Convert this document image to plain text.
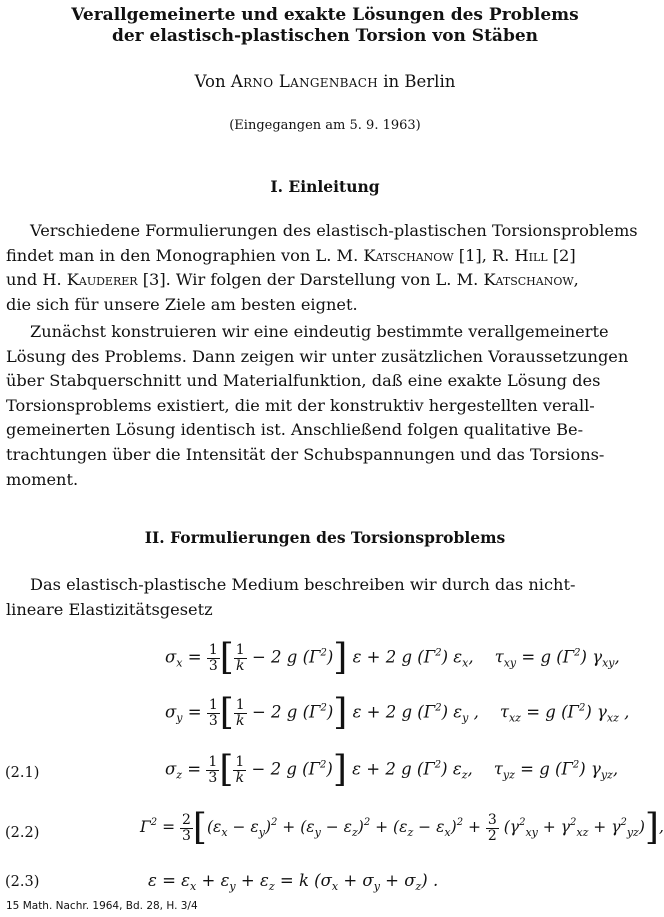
Verallgemeinerte und exakte Lösungen des Problems
der elastisch-plastischen Torsion von Stäben
Von Arno Langenbach in Berlin
(Eingegangen am 5. 9. 1963)
I. Einleitung
Verschiedene Formulierungen des elastisch-plastischen Torsionsproblems
findet man in den Monographien von L. M. Katschanow [1], R. Hill [2]
und H. Kauderer [3]. Wir folgen der Darstellung von L. M. Katschanow,
die sich für unsere Ziele am besten eignet.
Zunächst konstruieren wir eine eindeutig bestimmte verallgemeinerte
Lösung des Problems. Dann zeigen wir unter zusätzlichen Voraussetzungen
über Stabquerschnitt und Materialfunktion, daß eine exakte Lösung des
Torsionsproblems existiert, die mit der konstruktiv hergestellten verall-
gemeinerten Lösung identisch ist. Anschließend folgen qualitative Be-
trachtungen über die Intensität der Schubspannungen und das Torsions-
moment.
II. Formulierungen des Torsionsproblems
Das elastisch-plastische Medium beschreiben wir durch das nicht-
lineare Elastizitätsgesetz
$\sigma_x = \frac{1}{3}$ [ $\frac{1}{k} - 2$ g $(\Gamma^2)$] ε + 2 g $(\Gamma^2)$ $\varepsilon_x$,    $\tau_{xy} = g$ $(\Gamma^2)$ $\gamma_{xy}$,
$\sigma_y = \frac{1}{3}$ [ $\frac{1}{k} - 2$ g $(\Gamma^2)$] ε + 2 g $(\Gamma^2)$ $\varepsilon_y$ ,    $\tau_{xz} = g$ $(\Gamma^2)$ $\gamma_{xz}$ ,
(2.1)	$\sigma_z = \frac{1}{3}$ [ $\frac{1}{k} - 2$ g $(\Gamma^2)$] ε + 2 g $(\Gamma^2)$ $\varepsilon_z$,    $\tau_{yz} = g$ $(\Gamma^2)$ $\gamma_{yz}$,
(2.2)	$\Gamma^2 = \frac{2}{3} [(\varepsilon_x - \varepsilon_y)^2 + (\varepsilon_y - \varepsilon_z)^2 + (\varepsilon_z - \varepsilon_x)^2 + \frac{3}{2} (\gamma^2_{xy} + \gamma^2_{xz} + \gamma^2_{yz})]$,
(2.3)	$\varepsilon = \varepsilon_x + \varepsilon_y + \varepsilon_z = k$ $(\sigma_x + \sigma_y + \sigma_z)$ .
15 Math. Nachr. 1964, Bd. 28, H. 3/4
